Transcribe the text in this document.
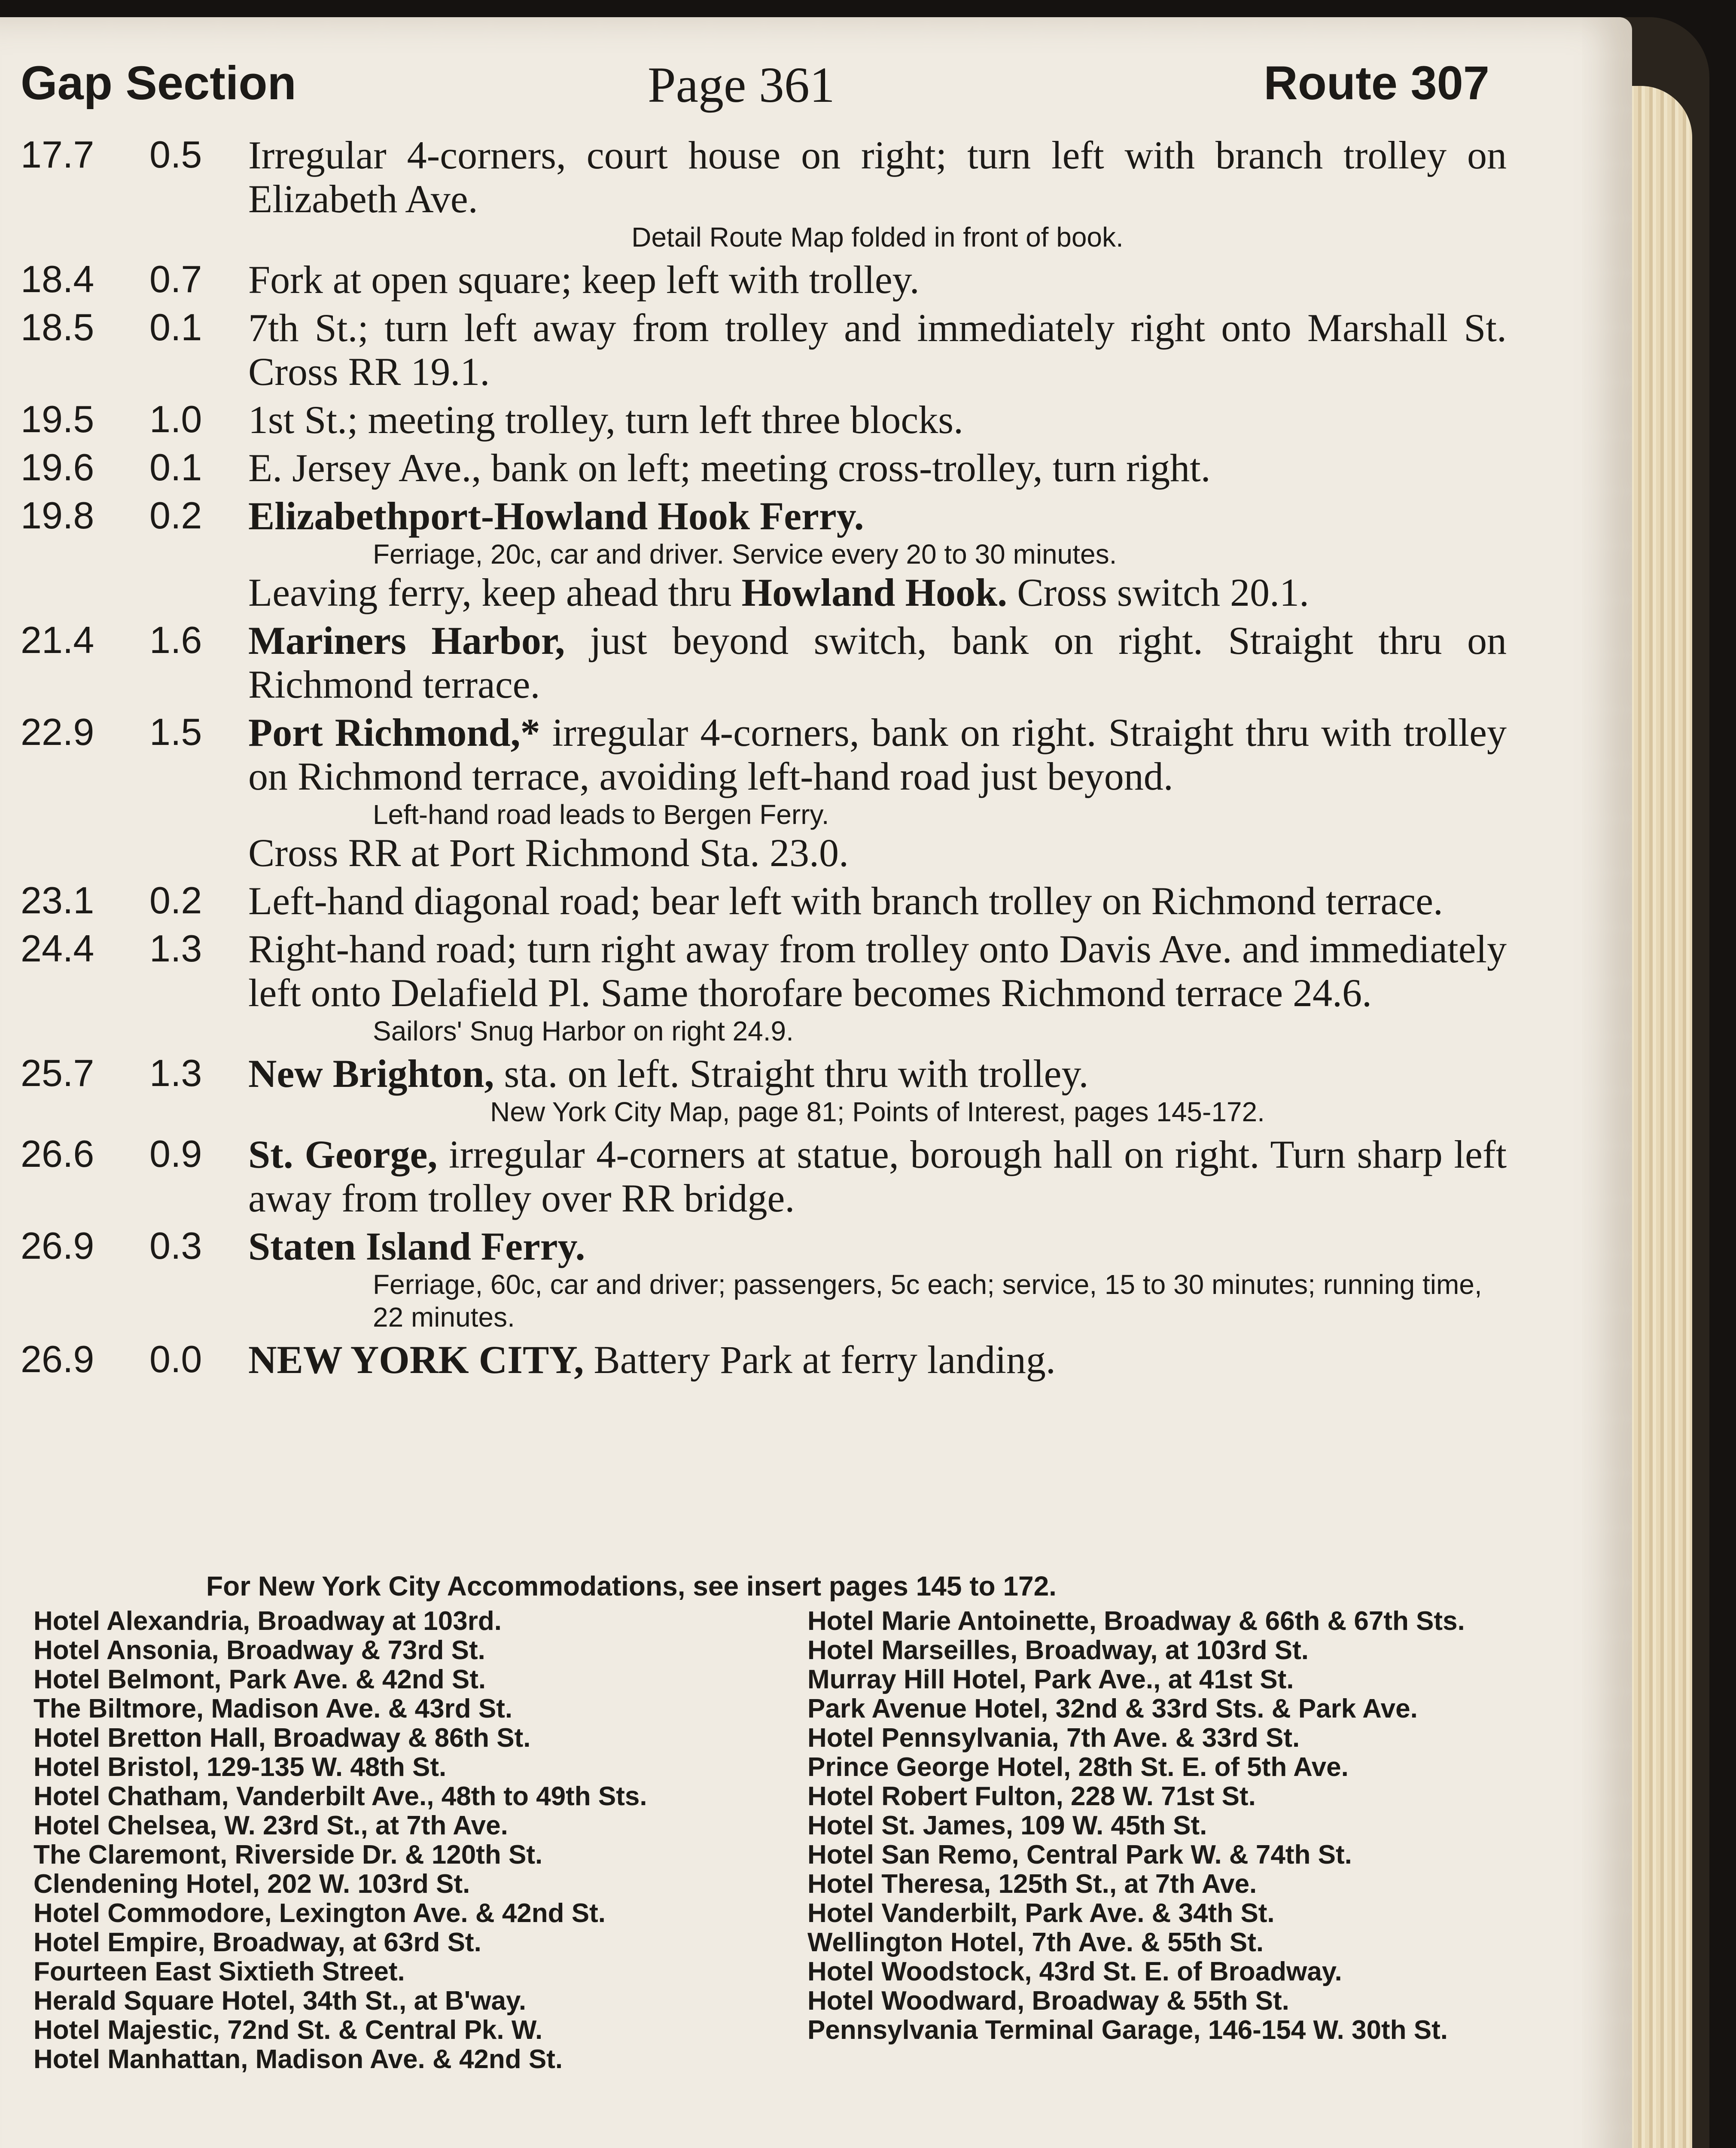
Gap Section	Page 361	Route 307
17.7	0.5	Irregular 4-corners, court house on right; turn left with branch trolley on Elizabeth Ave.
Detail Route Map folded in front of book.
18.4	0.7	Fork at open square; keep left with trolley.
18.5	0.1	7th St.; turn left away from trolley and immediately right onto Marshall St. Cross RR 19.1.
19.5	1.0	1st St.; meeting trolley, turn left three blocks.
19.6	0.1	E. Jersey Ave., bank on left; meeting cross-trolley, turn right.
19.8	0.2	Elizabethport-Howland Hook Ferry.
Ferriage, 20c, car and driver. Service every 20 to 30 minutes.
Leaving ferry, keep ahead thru Howland Hook. Cross switch 20.1.
21.4	1.6	Mariners Harbor, just beyond switch, bank on right. Straight thru on Richmond terrace.
22.9	1.5	Port Richmond,* irregular 4-corners, bank on right. Straight thru with trolley on Richmond terrace, avoiding left-hand road just beyond.
Left-hand road leads to Bergen Ferry.
Cross RR at Port Richmond Sta. 23.0.
23.1	0.2	Left-hand diagonal road; bear left with branch trolley on Richmond terrace.
24.4	1.3	Right-hand road; turn right away from trolley onto Davis Ave. and immediately left onto Delafield Pl. Same thorofare becomes Richmond terrace 24.6.
Sailors' Snug Harbor on right 24.9.
25.7	1.3	New Brighton, sta. on left. Straight thru with trolley.
New York City Map, page 81; Points of Interest, pages 145-172.
26.6	0.9	St. George, irregular 4-corners at statue, borough hall on right. Turn sharp left away from trolley over RR bridge.
26.9	0.3	Staten Island Ferry.
Ferriage, 60c, car and driver; passengers, 5c each; service, 15 to 30 minutes; running time, 22 minutes.
26.9	0.0	NEW YORK CITY, Battery Park at ferry landing.
For New York City Accommodations, see insert pages 145 to 172.
Hotel Alexandria, Broadway at 103rd.
Hotel Ansonia, Broadway & 73rd St.
Hotel Belmont, Park Ave. & 42nd St.
The Biltmore, Madison Ave. & 43rd St.
Hotel Bretton Hall, Broadway & 86th St.
Hotel Bristol, 129-135 W. 48th St.
Hotel Chatham, Vanderbilt Ave., 48th to 49th Sts.
Hotel Chelsea, W. 23rd St., at 7th Ave.
The Claremont, Riverside Dr. & 120th St.
Clendening Hotel, 202 W. 103rd St.
Hotel Commodore, Lexington Ave. & 42nd St.
Hotel Empire, Broadway, at 63rd St.
Fourteen East Sixtieth Street.
Herald Square Hotel, 34th St., at B'way.
Hotel Majestic, 72nd St. & Central Pk. W.
Hotel Manhattan, Madison Ave. & 42nd St.
Hotel Marie Antoinette, Broadway & 66th & 67th Sts.
Hotel Marseilles, Broadway, at 103rd St.
Murray Hill Hotel, Park Ave., at 41st St.
Park Avenue Hotel, 32nd & 33rd Sts. & Park Ave.
Hotel Pennsylvania, 7th Ave. & 33rd St.
Prince George Hotel, 28th St. E. of 5th Ave.
Hotel Robert Fulton, 228 W. 71st St.
Hotel St. James, 109 W. 45th St.
Hotel San Remo, Central Park W. & 74th St.
Hotel Theresa, 125th St., at 7th Ave.
Hotel Vanderbilt, Park Ave. & 34th St.
Wellington Hotel, 7th Ave. & 55th St.
Hotel Woodstock, 43rd St. E. of Broadway.
Hotel Woodward, Broadway & 55th St.
Pennsylvania Terminal Garage, 146-154 W. 30th St.
